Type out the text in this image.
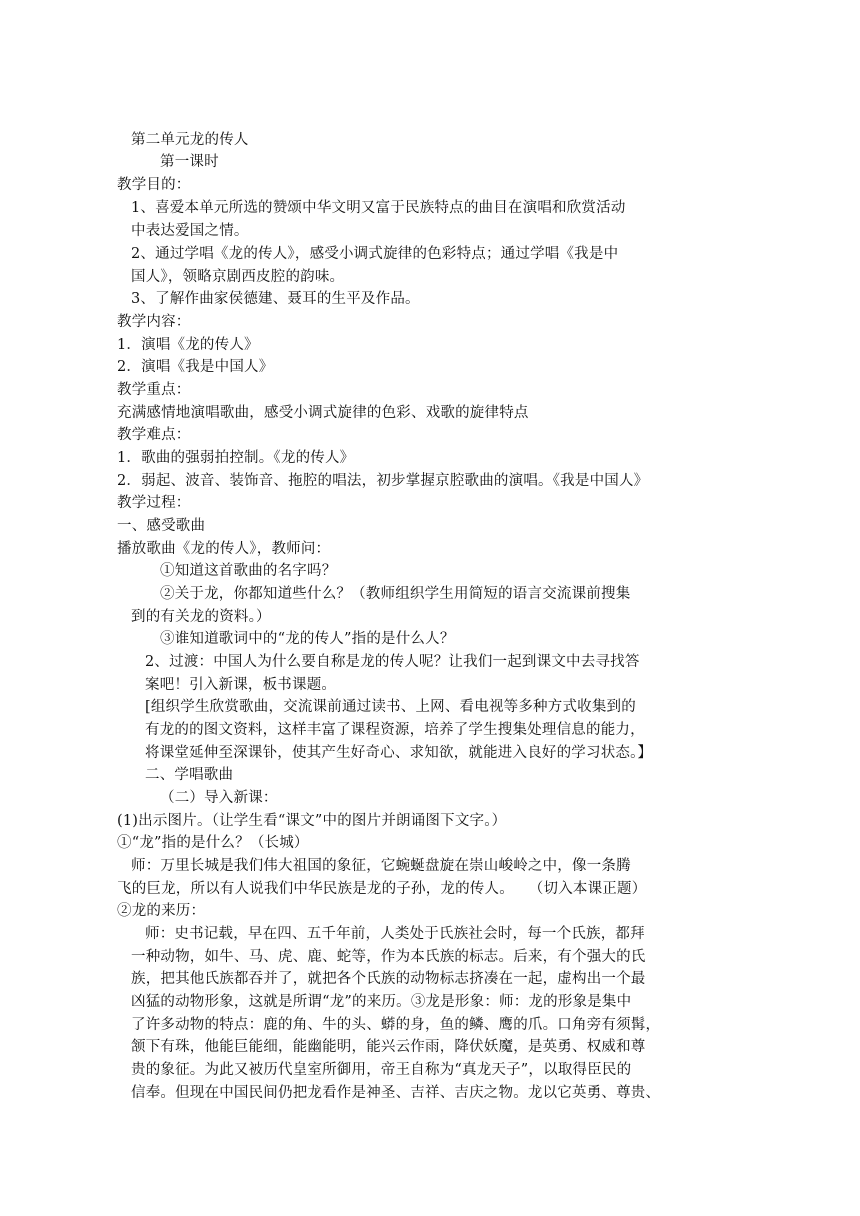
第二单元龙的传人
第一课时
教学目的：
1、喜爱本单元所选的赞颂中华文明又富于民族特点的曲目在演唱和欣赏活动
中表达爱国之情。
2、通过学唱《龙的传人》，感受小调式旋律的色彩特点；通过学唱《我是中
国人》，领略京剧西皮腔的韵味。
3、了解作曲家侯德建、聂耳的生平及作品。
教学内容：
1．演唱《龙的传人》
2．演唱《我是中国人》
教学重点：
充满感情地演唱歌曲，感受小调式旋律的色彩、戏歌的旋律特点
教学难点：
1．歌曲的强弱拍控制。《龙的传人》
2．弱起、波音、装饰音、拖腔的唱法，初步掌握京腔歌曲的演唱。《我是中国人》
教学过程：
一、感受歌曲
播放歌曲《龙的传人》，教师问：
①知道这首歌曲的名字吗？
②关于龙，你都知道些什么？（教师组织学生用简短的语言交流课前搜集
到的有关龙的资料。）
③谁知道歌词中的“龙的传人”指的是什么人？
2、过渡：中国人为什么要自称是龙的传人呢？让我们一起到课文中去寻找答
案吧！引入新课，板书课题。
[组织学生欣赏歌曲，交流课前通过读书、上网、看电视等多种方式收集到的
有龙的的图文资料，这样丰富了课程资源，培养了学生搜集处理信息的能力，
将课堂延伸至深课钋，使其产生好奇心、求知欲，就能进入良好的学习状态。】
二、学唱歌曲
（二）导入新课：
(1)出示图片。（让学生看“课文”中的图片并朗诵图下文字。）
①“龙”指的是什么？（长城）
师：万里长城是我们伟大祖国的象征，它蜿蜒盘旋在崇山峻岭之中，像一条腾
飞的巨龙，所以有人说我们中华民族是龙的子孙，龙的传人。　　（切入本课正题）
②龙的来历：
师：史书记载，早在四、五千年前，人类处于氏族社会时，每一个氏族，都拜
一种动物，如牛、马、虎、鹿、蛇等，作为本氏族的标志。后来，有个强大的氏
族，把其他氏族都吞并了，就把各个氏族的动物标志挤凑在一起，虚构出一个最
凶猛的动物形象，这就是所谓“龙”的来历。③龙是形象：师：龙的形象是集中
了许多动物的特点：鹿的角、牛的头、蟒的身，鱼的鳞、鹰的爪。口角旁有须髯，
颔下有珠，他能巨能细，能幽能明，能兴云作雨，降伏妖魔，是英勇、权威和尊
贵的象征。为此又被历代皇室所御用，帝王自称为“真龙天子”，以取得臣民的
信奉。但现在中国民间仍把龙看作是神圣、吉祥、吉庆之物。龙以它英勇、尊贵、
